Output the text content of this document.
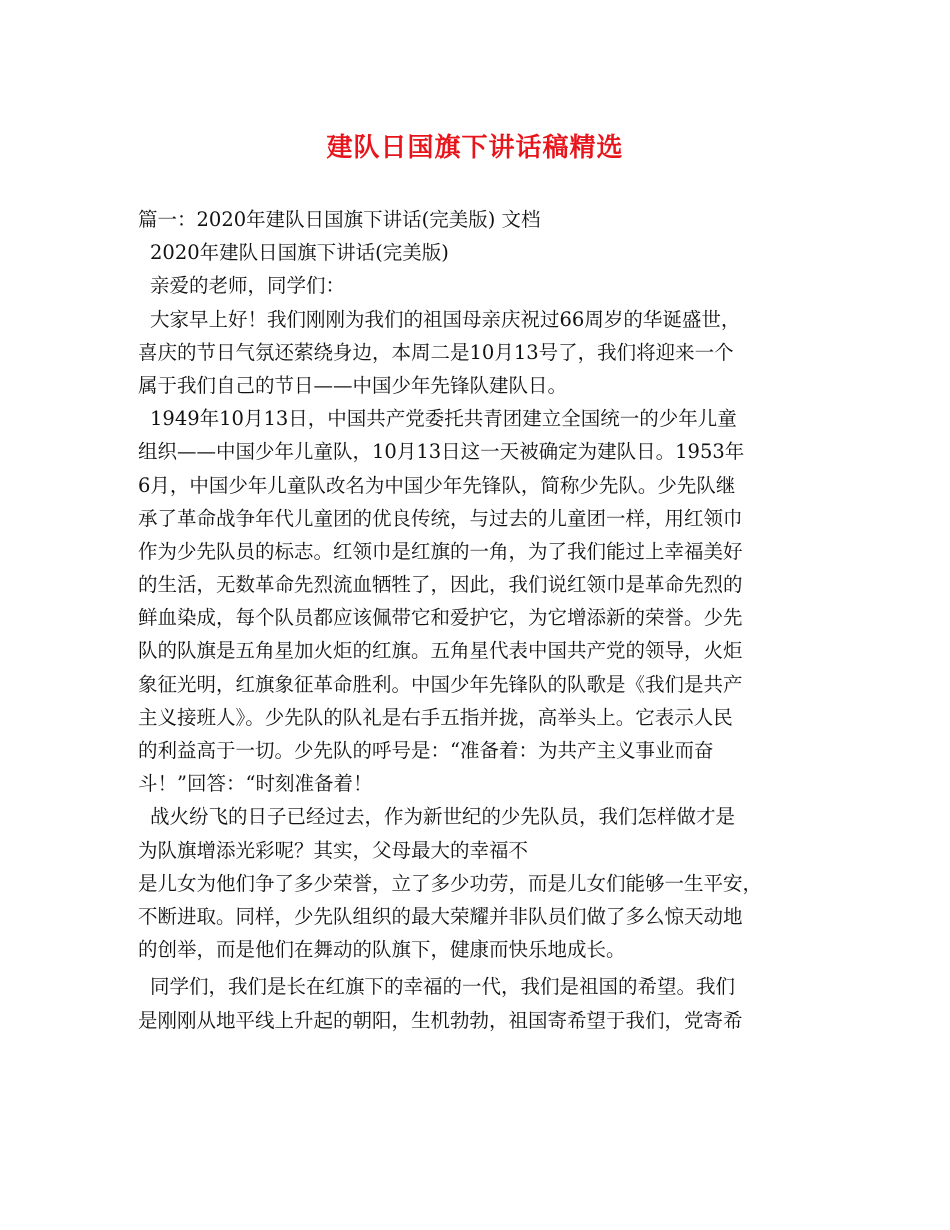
建队日国旗下讲话稿精选
篇一：2020年建队日国旗下讲话(完美版) 文档
2020年建队日国旗下讲话(完美版)
亲爱的老师，同学们：
大家早上好！我们刚刚为我们的祖国母亲庆祝过66周岁的华诞盛世，
喜庆的节日气氛还萦绕身边，本周二是10月13号了，我们将迎来一个
属于我们自己的节日——中国少年先锋队建队日。
1949年10月13日，中国共产党委托共青团建立全国统一的少年儿童
组织——中国少年儿童队，10月13日这一天被确定为建队日。1953年
6月，中国少年儿童队改名为中国少年先锋队，简称少先队。少先队继
承了革命战争年代儿童团的优良传统，与过去的儿童团一样，用红领巾
作为少先队员的标志。红领巾是红旗的一角，为了我们能过上幸福美好
的生活，无数革命先烈流血牺牲了，因此，我们说红领巾是革命先烈的
鲜血染成，每个队员都应该佩带它和爱护它，为它增添新的荣誉。少先
队的队旗是五角星加火炬的红旗。五角星代表中国共产党的领导，火炬
象征光明，红旗象征革命胜利。中国少年先锋队的队歌是《我们是共产
主义接班人》。少先队的队礼是右手五指并拢，高举头上。它表示人民
的利益高于一切。少先队的呼号是：“准备着：为共产主义事业而奋
斗！”回答：“时刻准备着！
战火纷飞的日子已经过去，作为新世纪的少先队员，我们怎样做才是
为队旗增添光彩呢？其实，父母最大的幸福不
是儿女为他们争了多少荣誉，立了多少功劳，而是儿女们能够一生平安，
不断进取。同样，少先队组织的最大荣耀并非队员们做了多么惊天动地
的创举，而是他们在舞动的队旗下，健康而快乐地成长。
同学们，我们是长在红旗下的幸福的一代，我们是祖国的希望。我们
是刚刚从地平线上升起的朝阳，生机勃勃，祖国寄希望于我们，党寄希
